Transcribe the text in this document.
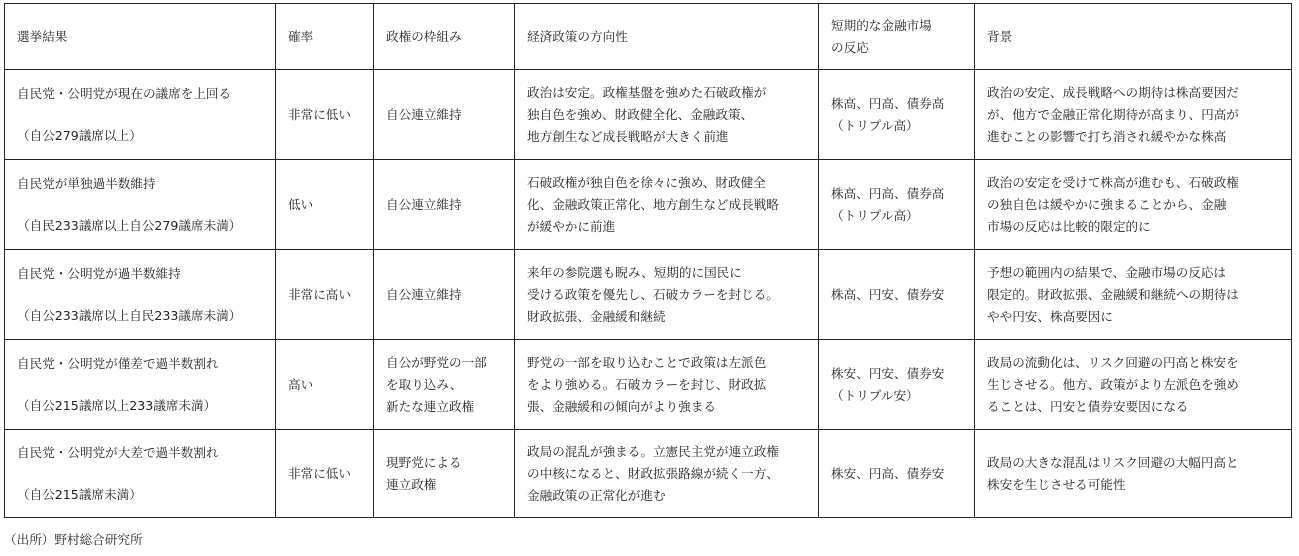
選挙結果	確率	政権の枠組み	経済政策の方向性	短期的な金融市場
の反応	背景

自民党・公明党が現在の議席を上回る
（自公279議席以上）	非常に低い	自公連立維持	政治は安定。政権基盤を強めた石破政権が
独自色を強め、財政健全化、金融政策、
地方創生など成長戦略が大きく前進	株高、円高、債券高
（トリプル高）	政治の安定、成長戦略への期待は株高要因だ
が、他方で金融正常化期待が高まり、円高が
進むことの影響で打ち消され緩やかな株高

自民党が単独過半数維持
（自民233議席以上自公279議席未満）	低い	自公連立維持	石破政権が独自色を徐々に強め、財政健全
化、金融政策正常化、地方創生など成長戦略
が緩やかに前進	株高、円高、債券高
（トリプル高）	政治の安定を受けて株高が進むも、石破政権
の独自色は緩やかに強まることから、金融
市場の反応は比較的限定的に

自民党・公明党が過半数維持
（自公233議席以上自民233議席未満）	非常に高い	自公連立維持	来年の参院選も睨み、短期的に国民に
受ける政策を優先し、石破カラーを封じる。
財政拡張、金融緩和継続	株高、円安、債券安	予想の範囲内の結果で、金融市場の反応は
限定的。財政拡張、金融緩和継続への期待は
やや円安、株高要因に

自民党・公明党が僅差で過半数割れ
（自公215議席以上233議席未満）	高い	自公が野党の一部
を取り込み、
新たな連立政権	野党の一部を取り込むことで政策は左派色
をより強める。石破カラーを封じ、財政拡
張、金融緩和の傾向がより強まる	株安、円安、債券安
（トリプル安）	政局の流動化は、リスク回避の円高と株安を
生じさせる。他方、政策がより左派色を強め
ることは、円安と債券安要因になる

自民党・公明党が大差で過半数割れ
（自公215議席未満）	非常に低い	現野党による
連立政権	政局の混乱が強まる。立憲民主党が連立政権
の中核になると、財政拡張路線が続く一方、
金融政策の正常化が進む	株安、円高、債券安	政局の大きな混乱はリスク回避の大幅円高と
株安を生じさせる可能性
（出所）野村総合研究所
